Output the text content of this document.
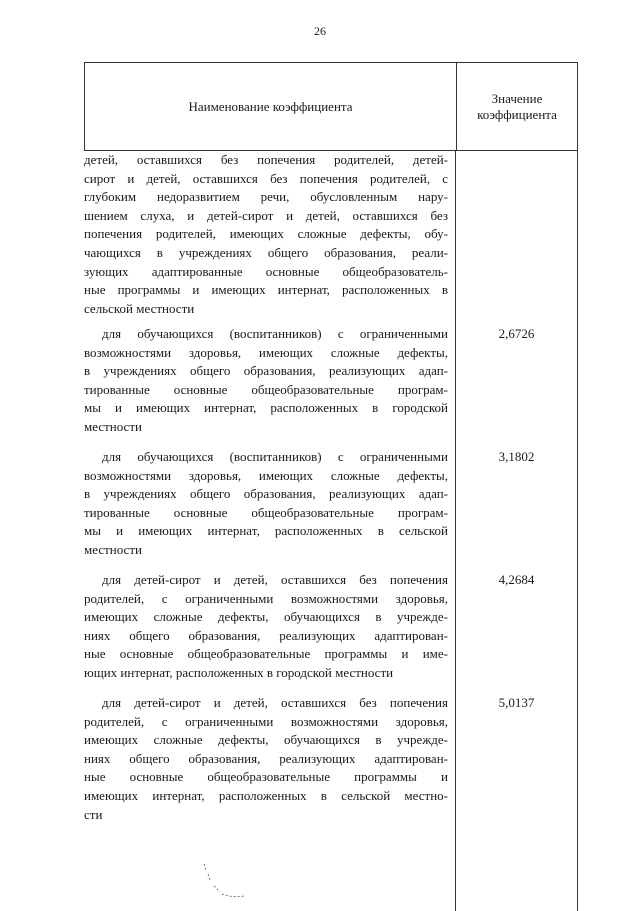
26
Наименование коэффициента
Значение
коэффициента
детей, оставшихся без попечения родителей, детей-
сирот и детей, оставшихся без попечения родителей, с
глубоким недоразвитием речи, обусловленным нару-
шением слуха, и детей-сирот и детей, оставшихся без
попечения родителей, имеющих сложные дефекты, обу-
чающихся в учреждениях общего образования, реали-
зующих адаптированные основные общеобразователь-
ные программы и имеющих интернат, расположенных в
сельской местности
для обучающихся (воспитанников) с ограниченными
возможностями здоровья, имеющих сложные дефекты,
в учреждениях общего образования, реализующих адап-
тированные основные общеобразовательные програм-
мы и имеющих интернат, расположенных в городской
местности
2,6726
для обучающихся (воспитанников) с ограниченными
возможностями здоровья, имеющих сложные дефекты,
в учреждениях общего образования, реализующих адап-
тированные основные общеобразовательные програм-
мы и имеющих интернат, расположенных в сельской
местности
3,1802
для детей-сирот и детей, оставшихся без попечения
родителей, с ограниченными возможностями здоровья,
имеющих сложные дефекты, обучающихся в учрежде-
ниях общего образования, реализующих адаптирован-
ные основные общеобразовательные программы и име-
ющих интернат, расположенных в городской местности
4,2684
для детей-сирот и детей, оставшихся без попечения
родителей, с ограниченными возможностями здоровья,
имеющих сложные дефекты, обучающихся в учрежде-
ниях общего образования, реализующих адаптирован-
ные основные общеобразовательные программы и
имеющих интернат, расположенных в сельской местно-
сти
5,0137
